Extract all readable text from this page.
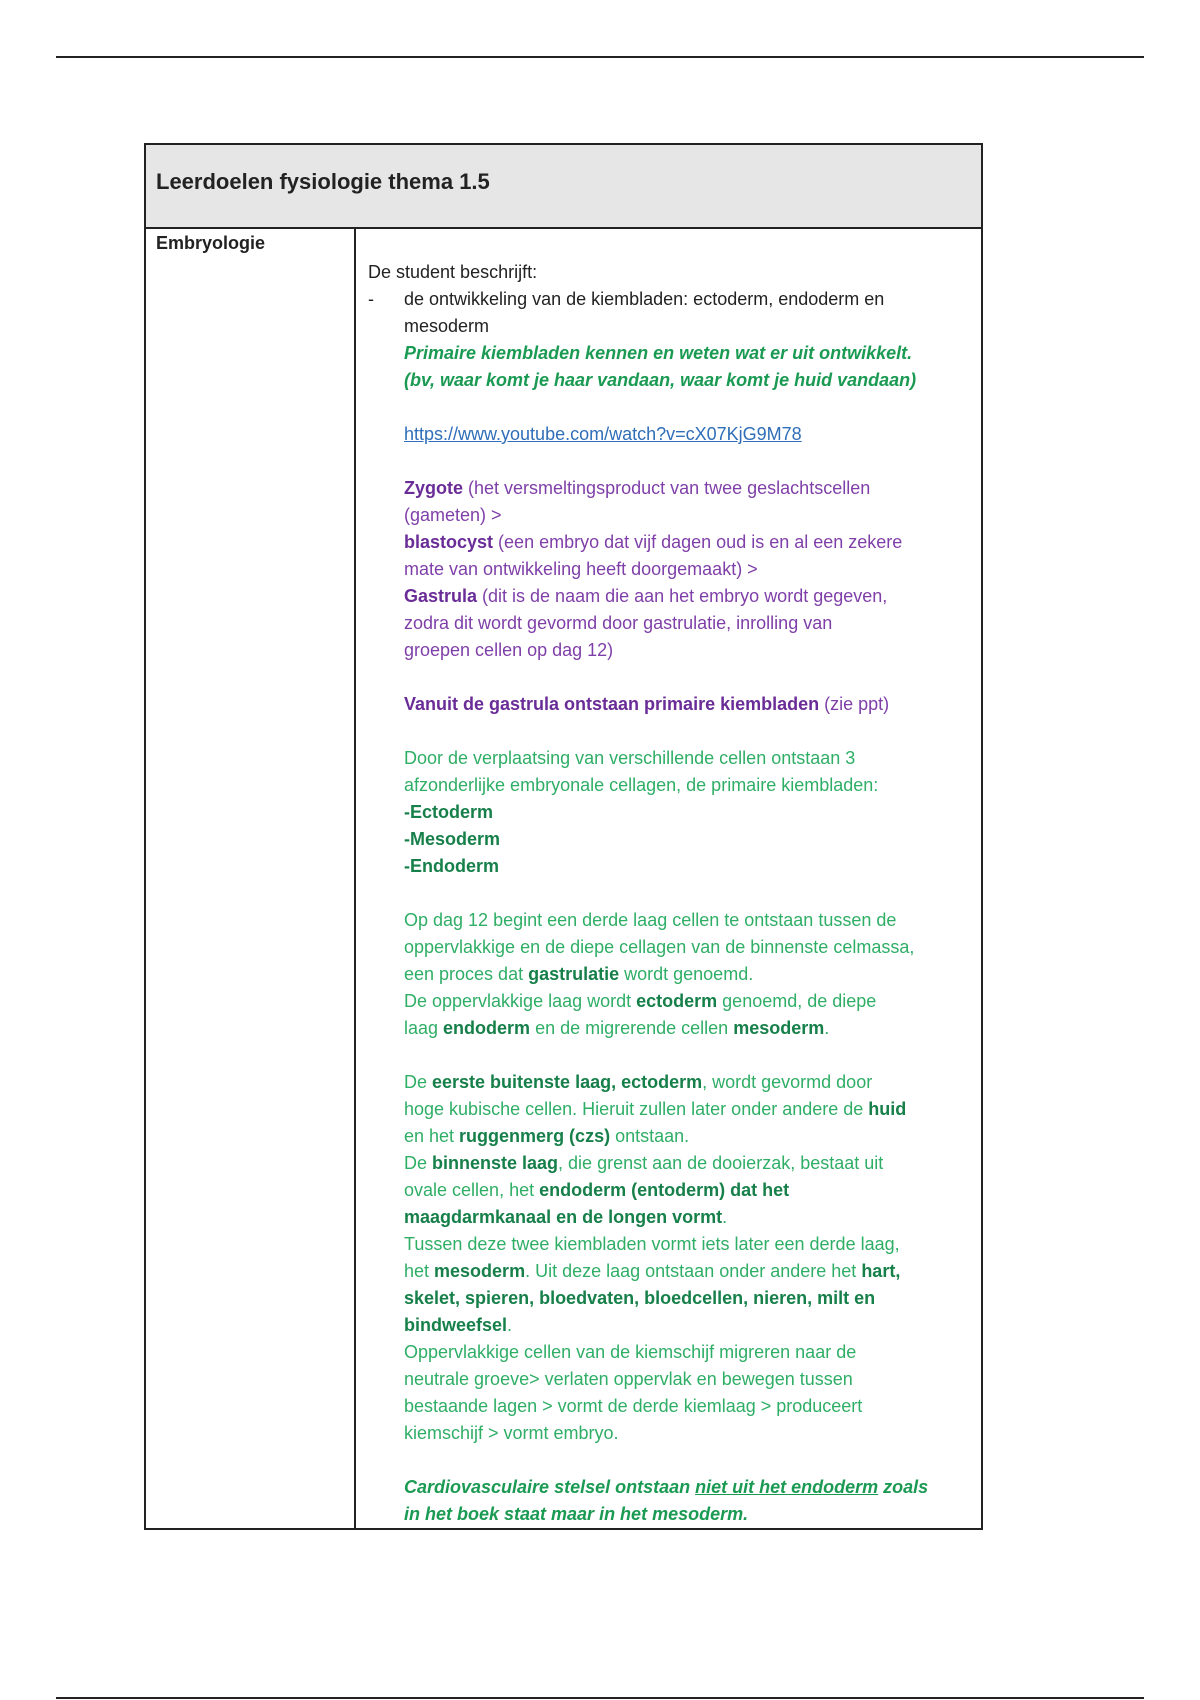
Leerdoelen fysiologie thema 1.5
Embryologie
De student beschrijft:
- de ontwikkeling van de kiembladen: ectoderm, endoderm en
mesoderm
Primaire kiembladen kennen en weten wat er uit ontwikkelt.
(bv, waar komt je haar vandaan, waar komt je huid vandaan)
https://www.youtube.com/watch?v=cX07KjG9M78
Zygote (het versmeltingsproduct van twee geslachtscellen
(gameten) >
blastocyst (een embryo dat vijf dagen oud is en al een zekere
mate van ontwikkeling heeft doorgemaakt) >
Gastrula (dit is de naam die aan het embryo wordt gegeven,
zodra dit wordt gevormd door gastrulatie, inrolling van
groepen cellen op dag 12)
Vanuit de gastrula ontstaan primaire kiembladen (zie ppt)
Door de verplaatsing van verschillende cellen ontstaan 3
afzonderlijke embryonale cellagen, de primaire kiembladen:
-Ectoderm
-Mesoderm
-Endoderm
Op dag 12 begint een derde laag cellen te ontstaan tussen de
oppervlakkige en de diepe cellagen van de binnenste celmassa,
een proces dat gastrulatie wordt genoemd.
De oppervlakkige laag wordt ectoderm genoemd, de diepe
laag endoderm en de migrerende cellen mesoderm.
De eerste buitenste laag, ectoderm, wordt gevormd door
hoge kubische cellen. Hieruit zullen later onder andere de huid
en het ruggenmerg (czs) ontstaan.
De binnenste laag, die grenst aan de dooierzak, bestaat uit
ovale cellen, het endoderm (entoderm) dat het
maagdarmkanaal en de longen vormt.
Tussen deze twee kiembladen vormt iets later een derde laag,
het mesoderm. Uit deze laag ontstaan onder andere het hart,
skelet, spieren, bloedvaten, bloedcellen, nieren, milt en
bindweefsel.
Oppervlakkige cellen van de kiemschijf migreren naar de
neutrale groeve> verlaten oppervlak en bewegen tussen
bestaande lagen > vormt de derde kiemlaag > produceert
kiemschijf > vormt embryo.
Cardiovasculaire stelsel ontstaan niet uit het endoderm zoals
in het boek staat maar in het mesoderm.
